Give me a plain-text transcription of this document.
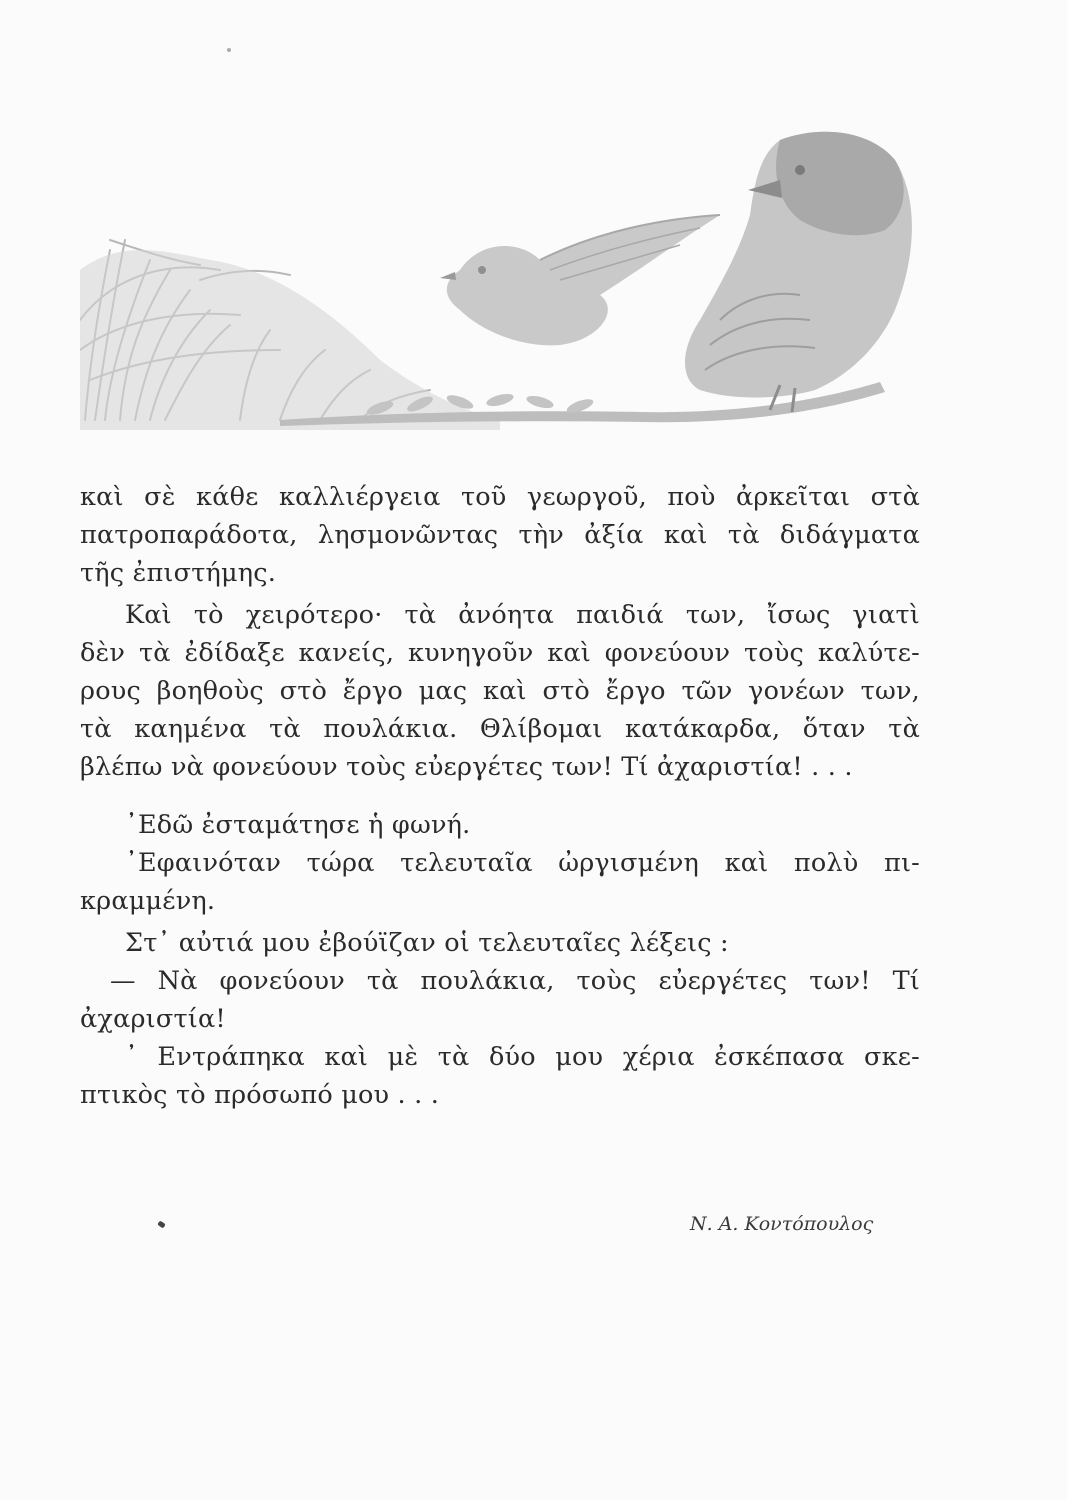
καὶ σὲ κάθε καλλιέργεια τοῦ γεωργοῦ, ποὺ ἀρκεῖται στὰ
πατροπαράδοτα, λησμονῶντας τὴν ἀξία καὶ τὰ διδάγματα
τῆς ἐπιστήμης.
Καὶ τὸ χειρότερο· τὰ ἀνόητα παιδιά των, ἴσως γιατὶ
δὲν τὰ ἐδίδαξε κανείς, κυνηγοῦν καὶ φονεύουν τοὺς καλύτε-
ρους βοηθοὺς στὸ ἔργο μας καὶ στὸ ἔργο τῶν γονέων των,
τὰ καημένα τὰ πουλάκια. Θλίβομαι κατάκαρδα, ὅταν τὰ
βλέπω νὰ φονεύουν τοὺς εὐεργέτες των! Τί ἀχαριστία! . . .
᾿Εδῶ ἐσταμάτησε ἡ φωνή.
᾿Εφαινόταν τώρα τελευταῖα ὠργισμένη καὶ πολὺ πι-
κραμμένη.
Στ᾿ αὐτιά μου ἐβούϊζαν οἱ τελευταῖες λέξεις :
— Νὰ φονεύουν τὰ πουλάκια, τοὺς εὐεργέτες των! Τί
ἀχαριστία!
᾿ Εντράπηκα καὶ μὲ τὰ δύο μου χέρια ἐσκέπασα σκε-
πτικὸς τὸ πρόσωπό μου . . .
Ν. Α. Κοντόπουλος
